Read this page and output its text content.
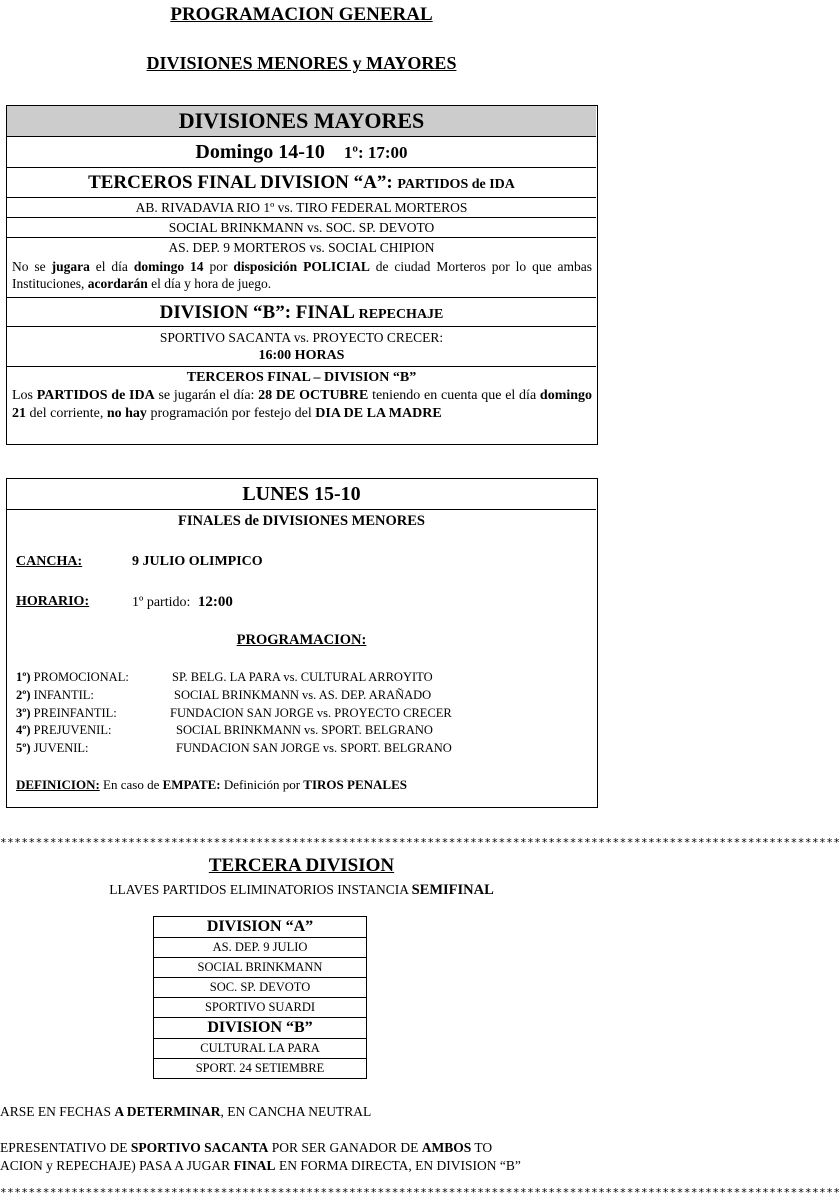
PROGRAMACION GENERAL
DIVISIONES MENORES y MAYORES
DIVISIONES MAYORES
Domingo 14-10 1º: 17:00
TERCEROS FINAL DIVISION “A”: PARTIDOS de IDA
AB. RIVADAVIA RIO 1º vs. TIRO FEDERAL MORTEROS
SOCIAL BRINKMANN vs. SOC. SP. DEVOTO
AS. DEP. 9 MORTEROS vs. SOCIAL CHIPION
No se jugara el día domingo 14 por disposición POLICIAL de ciudad Morteros por lo que ambas Instituciones, acordarán el día y hora de juego.
DIVISION “B”: FINAL REPECHAJE
SPORTIVO SACANTA vs. PROYECTO CRECER:
16:00 HORAS
TERCEROS FINAL – DIVISION “B”
Los PARTIDOS de IDA se jugarán el día: 28 DE OCTUBRE teniendo en cuenta que el día domingo 21 del corriente, no hay programación por festejo del DIA DE LA MADRE
LUNES 15-10
FINALES de DIVISIONES MENORES
CANCHA:	9 JULIO OLIMPICO
HORARIO:	1º partido: 12:00
PROGRAMACION:
1º) PROMOCIONAL:	SP. BELG. LA PARA vs. CULTURAL ARROYITO
2º) INFANTIL:	SOCIAL BRINKMANN vs. AS. DEP. ARAÑADO
3º) PREINFANTIL:	FUNDACION SAN JORGE vs. PROYECTO CRECER
4º) PREJUVENIL:	SOCIAL BRINKMANN vs. SPORT. BELGRANO
5º) JUVENIL:	FUNDACION SAN JORGE vs. SPORT. BELGRANO
DEFINICION: En caso de EMPATE: Definición por TIROS PENALES
**********************************************************************************************************************
TERCERA DIVISION
LLAVES PARTIDOS ELIMINATORIOS INSTANCIA SEMIFINAL
DIVISION “A”
AS. DEP. 9 JULIO
SOCIAL BRINKMANN
SOC. SP. DEVOTO
SPORTIVO SUARDI
DIVISION “B”
CULTURAL LA PARA
SPORT. 24 SETIEMBRE
ARSE EN FECHAS A DETERMINAR, EN CANCHA NEUTRAL
EPRESENTATIVO DE SPORTIVO SACANTA POR SER GANADOR DE AMBOS TO
ACION y REPECHAJE) PASA A JUGAR FINAL EN FORMA DIRECTA, EN DIVISION “B”
**********************************************************************************************************************
